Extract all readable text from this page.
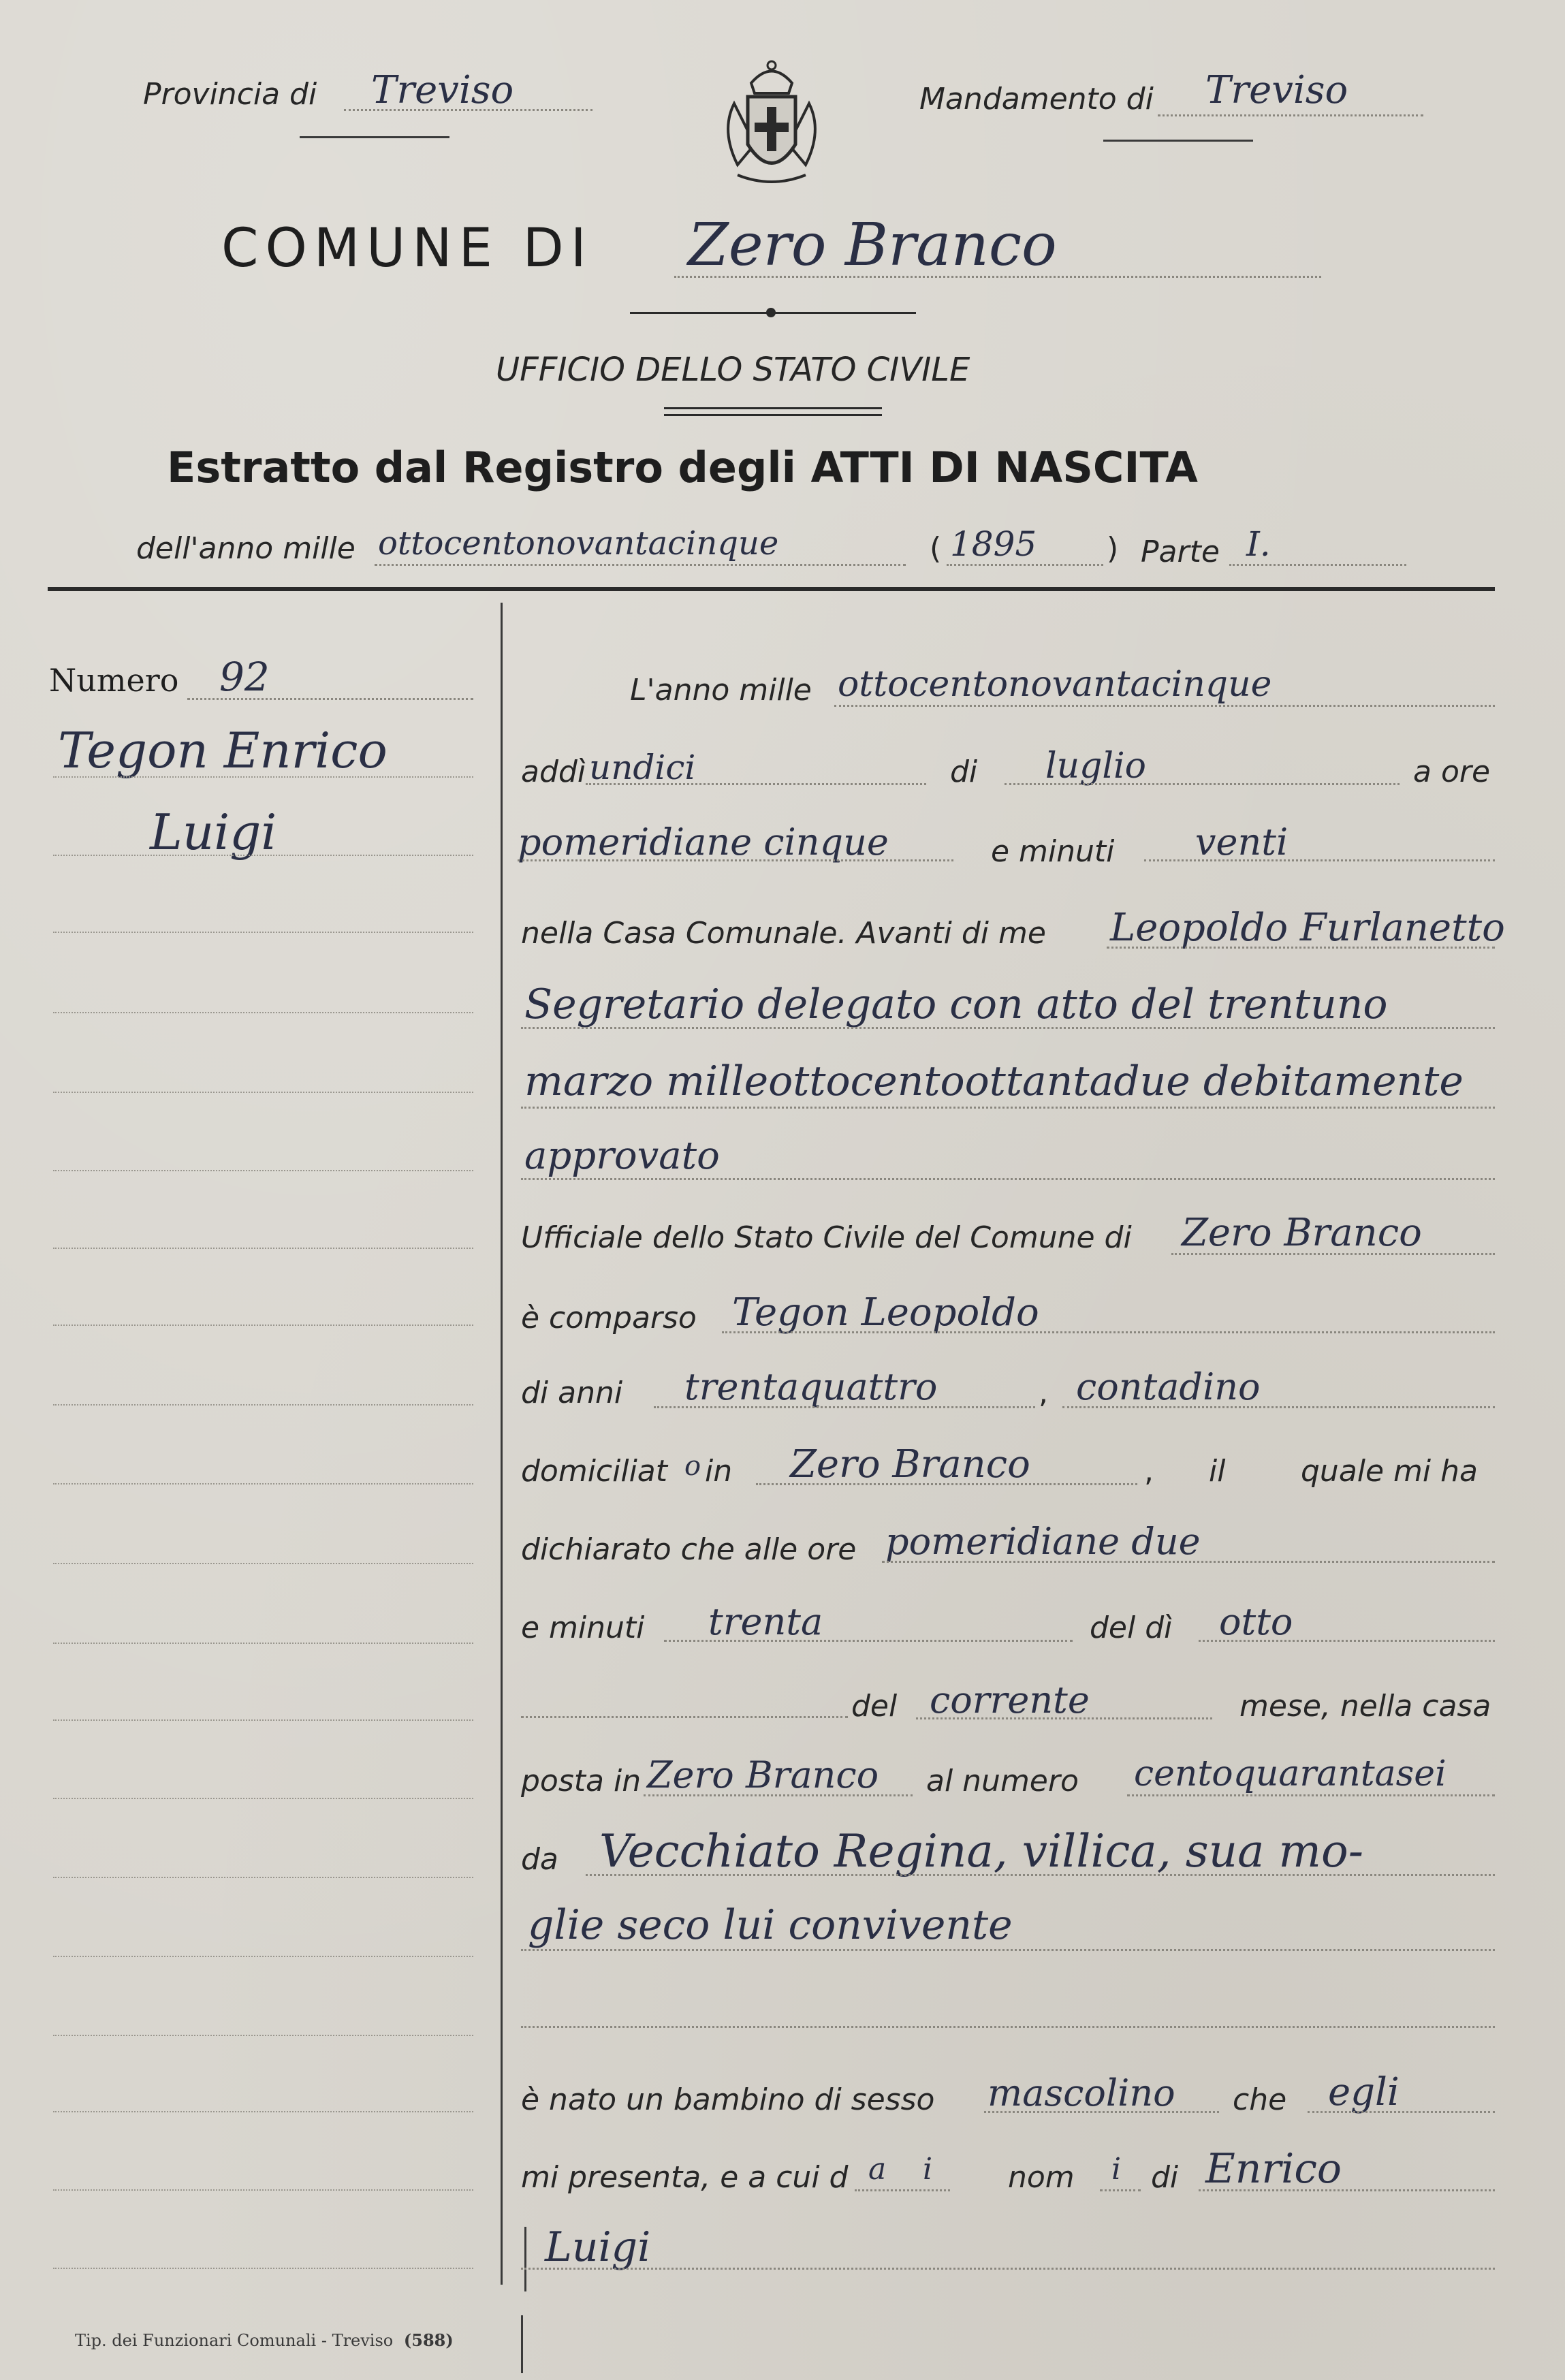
Provincia di Treviso	Mandamento di Treviso
COMUNE DI Zero Branco
UFFICIO DELLO STATO CIVILE
Estratto dal Registro degli ATTI DI NASCITA
dell'anno mille ottocentonovantacinque	( 1895 ) Parte I.
Numero 92
Tegon Enrico
Luigi
L'anno mille ottocentonovantacinque
addì undici	di luglio	a ore
pomeridiane cinque	e minuti venti
nella Casa Comunale. Avanti di me Leopoldo Furlanetto
Segretario delegato con atto del trentuno
marzo milleottocentoottantadue debitamente
approvato
Ufficiale dello Stato Civile del Comune di Zero Branco
è comparso Tegon Leopoldo
di anni trentaquattro	, contadino
domiciliat o in Zero Branco	, il	quale mi ha
dichiarato che alle ore pomeridiane due
e minuti trenta	del dì otto
del corrente	mese, nella casa
posta in Zero Branco al numero centoquarantasei
da Vecchiato Regina, villica, sua mo-
glie seco lui convivente
è nato un bambino di sesso mascolino che egli
mi presenta, e a cui d a i	nom i di Enrico
Luigi
Tip. dei Funzionari Comunali - Treviso (588)
